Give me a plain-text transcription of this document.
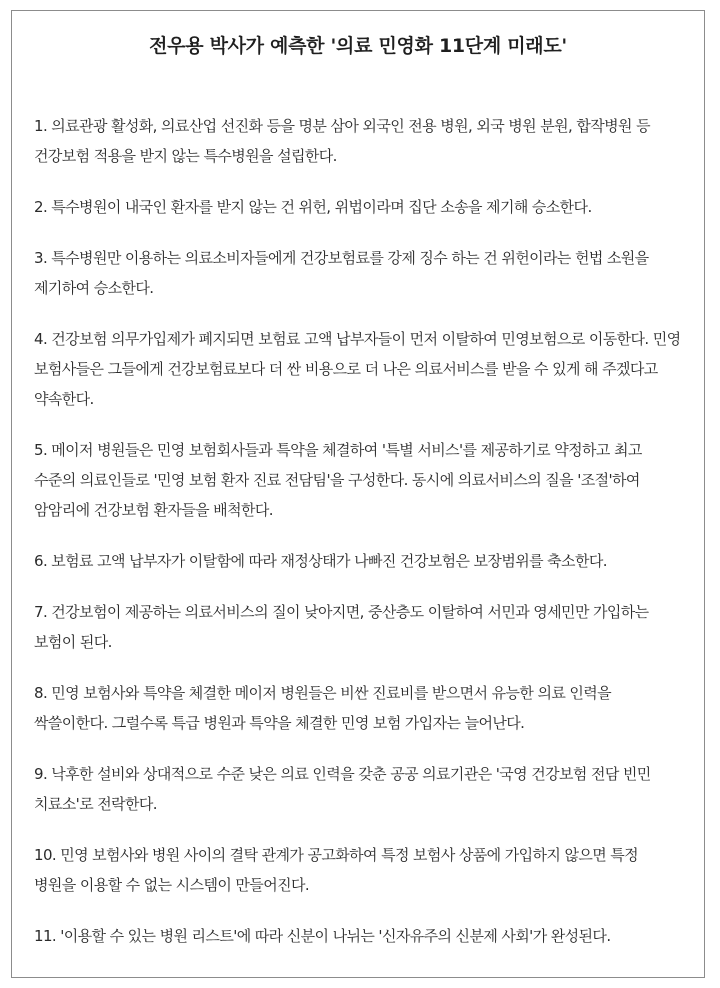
전우용 박사가 예측한 '의료 민영화 11단계 미래도'
1. 의료관광 활성화, 의료산업 선진화 등을 명분 삼아 외국인 전용 병원, 외국 병원 분원, 합작병원 등 건강보험 적용을 받지 않는 특수병원을 설립한다.
2. 특수병원이 내국인 환자를 받지 않는 건 위헌, 위법이라며 집단 소송을 제기해 승소한다.
3. 특수병원만 이용하는 의료소비자들에게 건강보험료를 강제 징수 하는 건 위헌이라는 헌법 소원을 제기하여 승소한다.
4. 건강보험 의무가입제가 폐지되면 보험료 고액 납부자들이 먼저 이탈하여 민영보험으로 이동한다. 민영 보험사들은 그들에게 건강보험료보다 더 싼 비용으로 더 나은 의료서비스를 받을 수 있게 해 주겠다고 약속한다.
5. 메이저 병원들은 민영 보험회사들과 특약을 체결하여 '특별 서비스'를 제공하기로 약정하고 최고 수준의 의료인들로 '민영 보험 환자 진료 전담팀'을 구성한다. 동시에 의료서비스의 질을 '조절'하여 암암리에 건강보험 환자들을 배척한다.
6. 보험료 고액 납부자가 이탈함에 따라 재정상태가 나빠진 건강보험은 보장범위를 축소한다.
7. 건강보험이 제공하는 의료서비스의 질이 낮아지면, 중산층도 이탈하여 서민과 영세민만 가입하는 보험이 된다.
8. 민영 보험사와 특약을 체결한 메이저 병원들은 비싼 진료비를 받으면서 유능한 의료 인력을 싹쓸이한다. 그럴수록 특급 병원과 특약을 체결한 민영 보험 가입자는 늘어난다.
9. 낙후한 설비와 상대적으로 수준 낮은 의료 인력을 갖춘 공공 의료기관은 '국영 건강보험 전담 빈민 치료소'로 전락한다.
10. 민영 보험사와 병원 사이의 결탁 관계가 공고화하여 특정 보험사 상품에 가입하지 않으면 특정 병원을 이용할 수 없는 시스템이 만들어진다.
11. '이용할 수 있는 병원 리스트'에 따라 신분이 나뉘는 '신자유주의 신분제 사회'가 완성된다.
